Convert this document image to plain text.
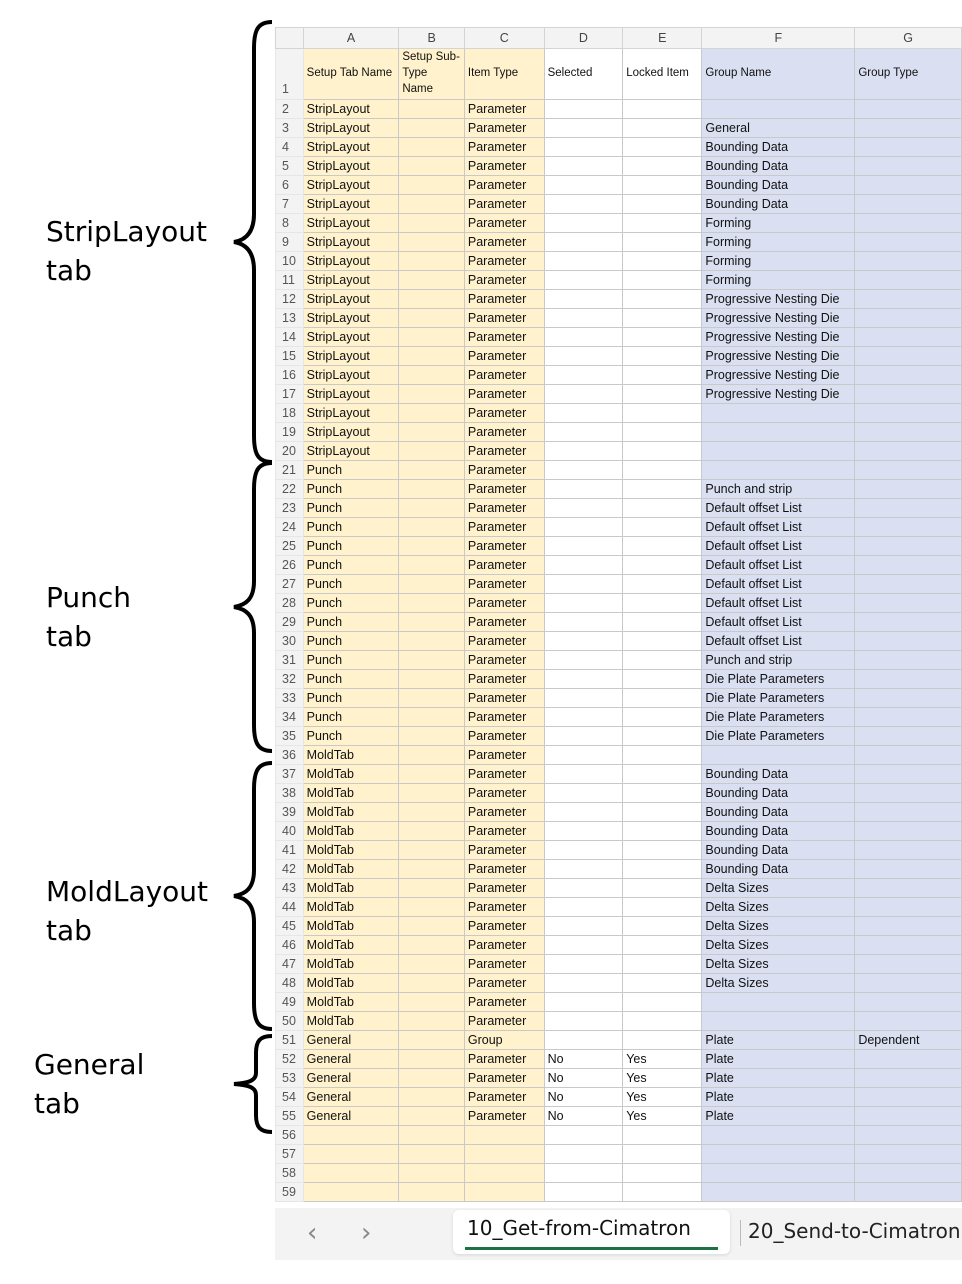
StripLayout
tab
Punch
tab
MoldLayout
tab
General
tab
	A	B	C	D	E	F	G
1	Setup Tab Name	Setup Sub-Type Name	Item Type	Selected	Locked Item	Group Name	Group Type
2	StripLayout		Parameter				
3	StripLayout		Parameter			General	
4	StripLayout		Parameter			Bounding Data	
5	StripLayout		Parameter			Bounding Data	
6	StripLayout		Parameter			Bounding Data	
7	StripLayout		Parameter			Bounding Data	
8	StripLayout		Parameter			Forming	
9	StripLayout		Parameter			Forming	
10	StripLayout		Parameter			Forming	
11	StripLayout		Parameter			Forming	
12	StripLayout		Parameter			Progressive Nesting Die	
13	StripLayout		Parameter			Progressive Nesting Die	
14	StripLayout		Parameter			Progressive Nesting Die	
15	StripLayout		Parameter			Progressive Nesting Die	
16	StripLayout		Parameter			Progressive Nesting Die	
17	StripLayout		Parameter			Progressive Nesting Die	
18	StripLayout		Parameter				
19	StripLayout		Parameter				
20	StripLayout		Parameter				
21	Punch		Parameter				
22	Punch		Parameter			Punch and strip	
23	Punch		Parameter			Default offset List	
24	Punch		Parameter			Default offset List	
25	Punch		Parameter			Default offset List	
26	Punch		Parameter			Default offset List	
27	Punch		Parameter			Default offset List	
28	Punch		Parameter			Default offset List	
29	Punch		Parameter			Default offset List	
30	Punch		Parameter			Default offset List	
31	Punch		Parameter			Punch and strip	
32	Punch		Parameter			Die Plate Parameters	
33	Punch		Parameter			Die Plate Parameters	
34	Punch		Parameter			Die Plate Parameters	
35	Punch		Parameter			Die Plate Parameters	
36	MoldTab		Parameter				
37	MoldTab		Parameter			Bounding Data	
38	MoldTab		Parameter			Bounding Data	
39	MoldTab		Parameter			Bounding Data	
40	MoldTab		Parameter			Bounding Data	
41	MoldTab		Parameter			Bounding Data	
42	MoldTab		Parameter			Bounding Data	
43	MoldTab		Parameter			Delta Sizes	
44	MoldTab		Parameter			Delta Sizes	
45	MoldTab		Parameter			Delta Sizes	
46	MoldTab		Parameter			Delta Sizes	
47	MoldTab		Parameter			Delta Sizes	
48	MoldTab		Parameter			Delta Sizes	
49	MoldTab		Parameter				
50	MoldTab		Parameter				
51	General		Group			Plate	Dependent
52	General		Parameter	No	Yes	Plate	
53	General		Parameter	No	Yes	Plate	
54	General		Parameter	No	Yes	Plate	
55	General		Parameter	No	Yes	Plate	
56							
57							
58							
59							
‹ ›	10_Get-from-Cimatron	20_Send-to-Cimatron
